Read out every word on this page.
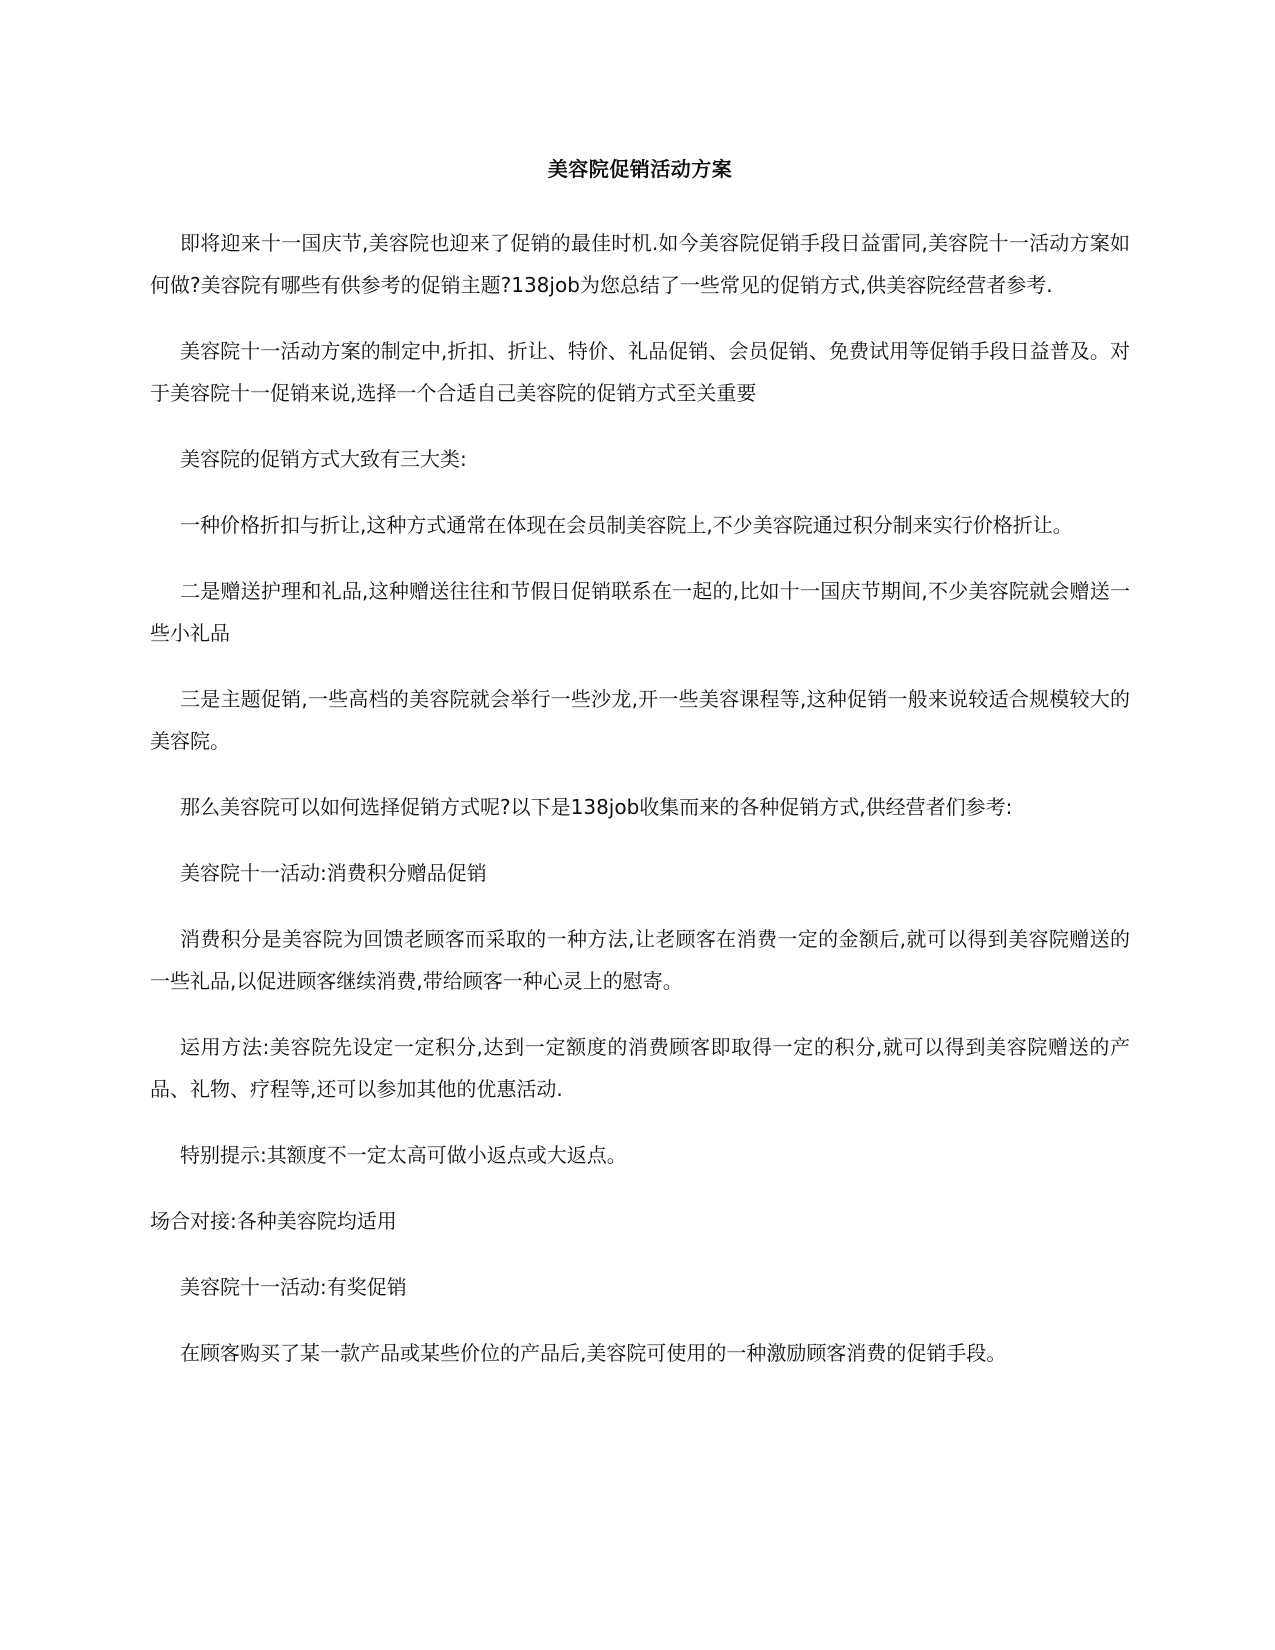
美容院促销活动方案

即将迎来十一国庆节,美容院也迎来了促销的最佳时机.如今美容院促销手段日益雷同,美容院十一活动方案如何做?美容院有哪些有供参考的促销主题?138job为您总结了一些常见的促销方式,供美容院经营者参考.

美容院十一活动方案的制定中,折扣、折让、特价、礼品促销、会员促销、免费试用等促销手段日益普及。对于美容院十一促销来说,选择一个合适自己美容院的促销方式至关重要

美容院的促销方式大致有三大类:

一种价格折扣与折让,这种方式通常在体现在会员制美容院上,不少美容院通过积分制来实行价格折让。

二是赠送护理和礼品,这种赠送往往和节假日促销联系在一起的,比如十一国庆节期间,不少美容院就会赠送一些小礼品

三是主题促销,一些高档的美容院就会举行一些沙龙,开一些美容课程等,这种促销一般来说较适合规模较大的美容院。

那么美容院可以如何选择促销方式呢?以下是138job收集而来的各种促销方式,供经营者们参考:

美容院十一活动:消费积分赠品促销

消费积分是美容院为回馈老顾客而采取的一种方法,让老顾客在消费一定的金额后,就可以得到美容院赠送的一些礼品,以促进顾客继续消费,带给顾客一种心灵上的慰寄。

运用方法:美容院先设定一定积分,达到一定额度的消费顾客即取得一定的积分,就可以得到美容院赠送的产品、礼物、疗程等,还可以参加其他的优惠活动.

特别提示:其额度不一定太高可做小返点或大返点。

场合对接:各种美容院均适用

美容院十一活动:有奖促销

在顾客购买了某一款产品或某些价位的产品后,美容院可使用的一种激励顾客消费的促销手段。
